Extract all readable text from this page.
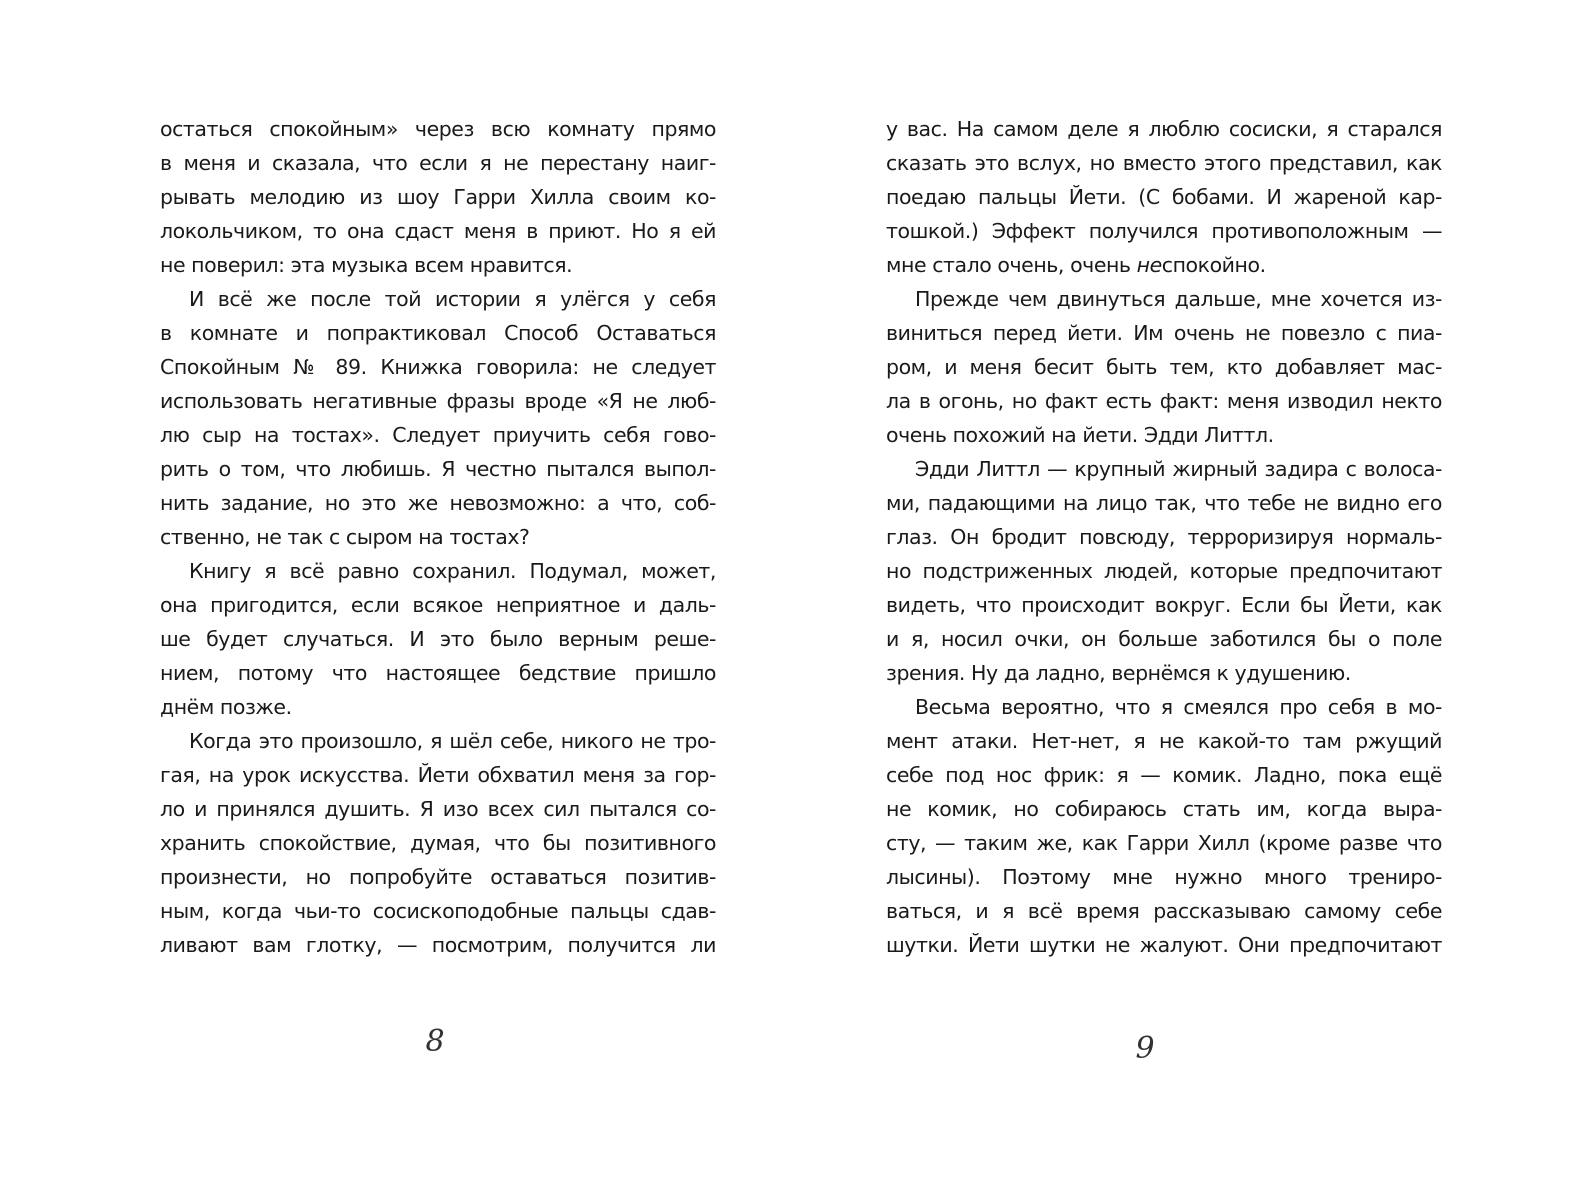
остаться спокойным» через всю комнату прямо
в меня и сказала, что если я не перестану наиг-
рывать мелодию из шоу Гарри Хилла своим ко-
локольчиком, то она сдаст меня в приют. Но я ей
не поверил: эта музыка всем нравится.
И всё же после той истории я улёгся у себя
в комнате и попрактиковал Способ Оставаться
Спокойным № 89. Книжка говорила: не следует
использовать негативные фразы вроде «Я не люб-
лю сыр на тостах». Следует приучить себя гово-
рить о том, что любишь. Я честно пытался выпол-
нить задание, но это же невозможно: а что, соб-
ственно, не так с сыром на тостах?
Книгу я всё равно сохранил. Подумал, может,
она пригодится, если всякое неприятное и даль-
ше будет случаться. И это было верным реше-
нием, потому что настоящее бедствие пришло
днём позже.
Когда это произошло, я шёл себе, никого не тро-
гая, на урок искусства. Йети обхватил меня за гор-
ло и принялся душить. Я изо всех сил пытался со-
хранить спокойствие, думая, что бы позитивного
произнести, но попробуйте оставаться позитив-
ным, когда чьи-то сосископодобные пальцы сдав-
ливают вам глотку, — посмотрим, получится ли
у вас. На самом деле я люблю сосиски, я старался
сказать это вслух, но вместо этого представил, как
поедаю пальцы Йети. (С бобами. И жареной кар-
тошкой.) Эффект получился противоположным —
мне стало очень, очень неспокойно.
Прежде чем двинуться дальше, мне хочется из-
виниться перед йети. Им очень не повезло с пиа-
ром, и меня бесит быть тем, кто добавляет мас-
ла в огонь, но факт есть факт: меня изводил некто
очень похожий на йети. Эдди Литтл.
Эдди Литтл — крупный жирный задира с волоса-
ми, падающими на лицо так, что тебе не видно его
глаз. Он бродит повсюду, терроризируя нормаль-
но подстриженных людей, которые предпочитают
видеть, что происходит вокруг. Если бы Йети, как
и я, носил очки, он больше заботился бы о поле
зрения. Ну да ладно, вернёмся к удушению.
Весьма вероятно, что я смеялся про себя в мо-
мент атаки. Нет-нет, я не какой-то там ржущий
себе под нос фрик: я — комик. Ладно, пока ещё
не комик, но собираюсь стать им, когда выра-
сту, — таким же, как Гарри Хилл (кроме разве что
лысины). Поэтому мне нужно много трениро-
ваться, и я всё время рассказываю самому себе
шутки. Йети шутки не жалуют. Они предпочитают
8	9
